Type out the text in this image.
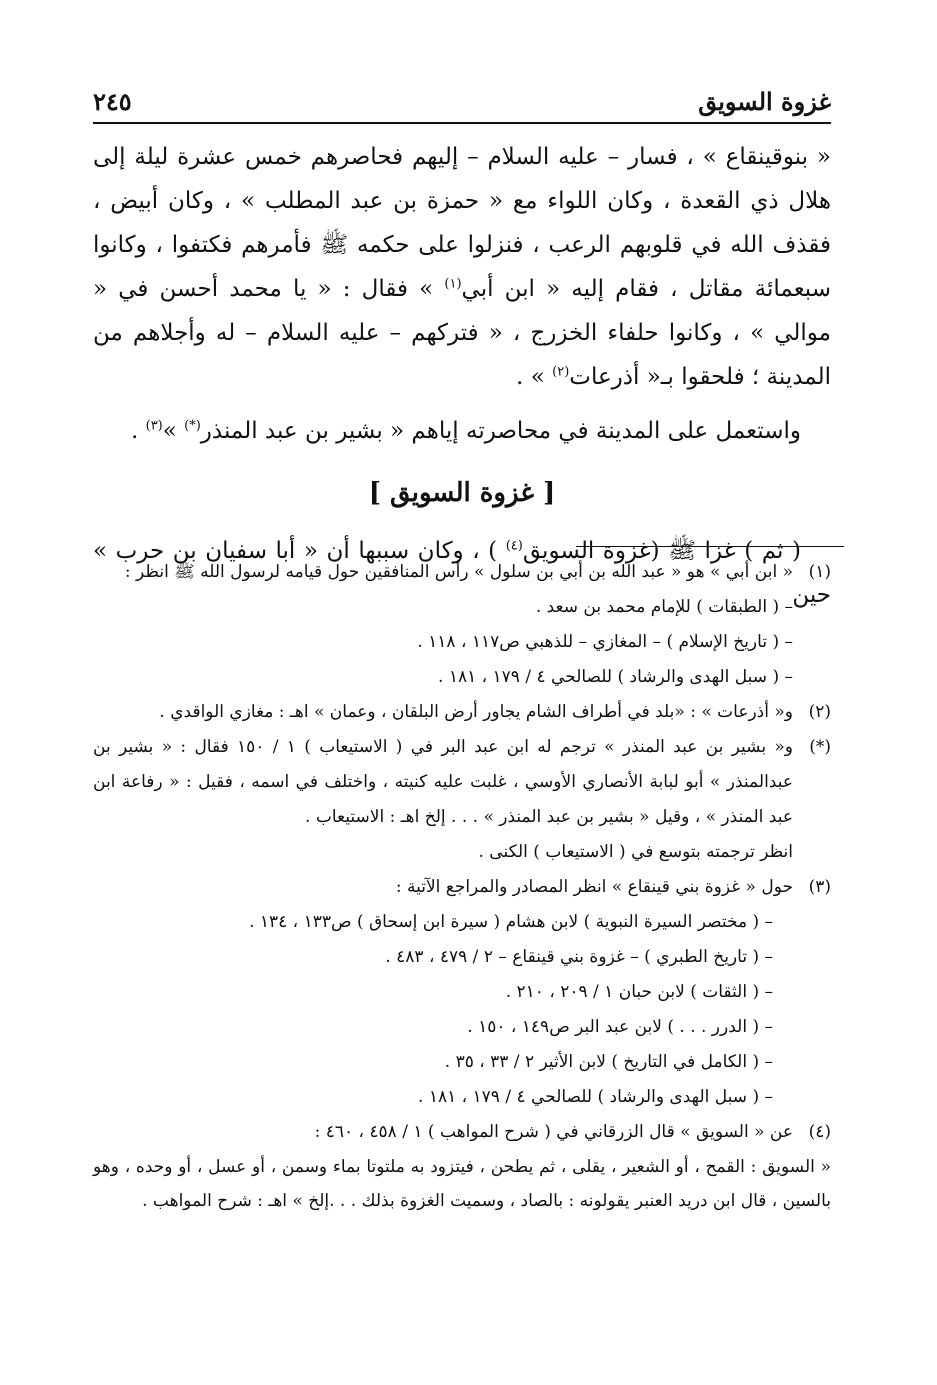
غزوة السويق
٢٤٥

« بنوقينقاع » ، فسار – عليه السلام – إليهم فحاصرهم خمس عشرة ليلة إلى هلال ذي القعدة ، وكان اللواء مع « حمزة بن عبد المطلب » ، وكان أبيض ، فقذف الله في قلوبهم الرعب ، فنزلوا على حكمه ﷺ فأمرهم فكتفوا ، وكانوا سبعمائة مقاتل ، فقام إليه « ابن أبي$^{(١)}$ » فقال : « يا محمد أحسن في « موالي » ، وكانوا حلفاء الخزرج ، « فتركهم – عليه السلام – له وأجلاهم من المدينة ؛ فلحقوا بـ« أذرعات$^{(٢)}$ » .

واستعمل على المدينة في محاصرته إياهم « بشير بن عبد المنذر(*) »$^{(٣)}$ .

[ غزوة السويق ]

( ثم ) غزا ﷺ (غزوة السويق$^{(٤)}$ ) ، وكان سببها أن « أبا سفيان بن حرب » حين

(١)
« ابن أبي » هو « عبد الله بن أبي بن سلول » رأس المنافقين حول قيامه لرسول الله ﷺ انظر :
– ( الطبقات ) للإمام محمد بن سعد .
– ( تاريخ الإسلام ) – المغازي – للذهبي ص١١٧ ، ١١٨ .
– ( سبل الهدى والرشاد ) للصالحي ٤ / ١٧٩ ، ١٨١ .
(٢)
و« أذرعات » : «بلد في أطراف الشام يجاور أرض البلقان ، وعمان » اهـ : مغازي الواقدي .
(*)
و« بشير بن عبد المنذر » ترجم له ابن عبد البر في ( الاستيعاب ) ١ / ١٥٠ فقال : « بشير بن عبدالمنذر » أبو لبابة الأنصاري الأوسي ، غلبت عليه كنيته ، واختلف في اسمه ، فقيل : « رفاعة ابن عبد المنذر » ، وقيل « بشير بن عبد المنذر » . . . إلخ اهـ : الاستيعاب .
انظر ترجمته بتوسع في ( الاستيعاب ) الكنى .
(٣)
حول « غزوة بني قينقاع » انظر المصادر والمراجع الآتية :
– ( مختصر السيرة النبوية ) لابن هشام ( سيرة ابن إسحاق ) ص١٣٣ ، ١٣٤ .
– ( تاريخ الطبري ) – غزوة بني قينقاع – ٢ / ٤٧٩ ، ٤٨٣ .
– ( الثقات ) لابن حبان ١ / ٢٠٩ ، ٢١٠ .
– ( الدرر . . . ) لابن عبد البر ص١٤٩ ، ١٥٠ .
– ( الكامل في التاريخ ) لابن الأثير ٢ / ٣٣ ، ٣٥ .
– ( سبل الهدى والرشاد ) للصالحي ٤ / ١٧٩ ، ١٨١ .
(٤)
عن « السويق » قال الزرقاني في ( شرح المواهب ) ١ / ٤٥٨ ، ٤٦٠ :
« السويق : القمح ، أو الشعير ، يقلى ، ثم يطحن ، فيتزود به ملتوتا بماء وسمن ، أو عسل ، أو وحده ، وهو بالسين ، قال ابن دريد العنبر يقولونه : بالصاد ، وسميت الغزوة بذلك . . .إلخ » اهـ : شرح المواهب .
